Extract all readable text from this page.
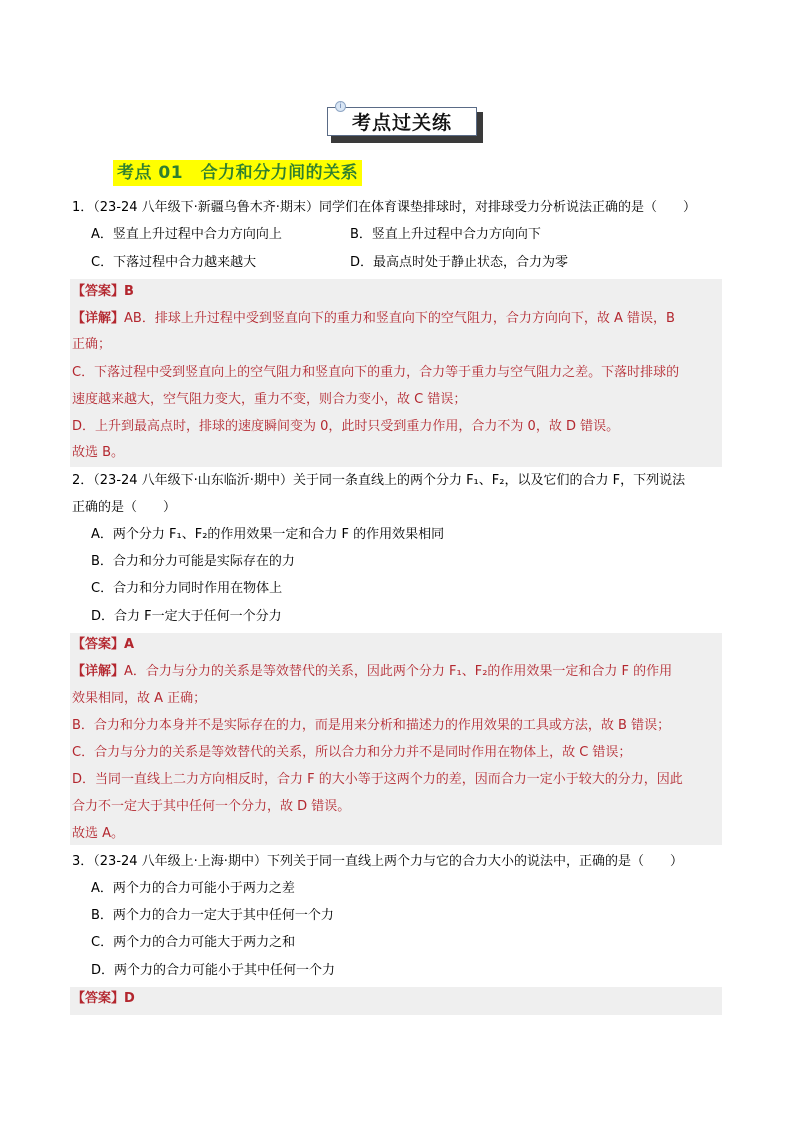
考点过关练
i
考点 01　合力和分力间的关系
1．（23-24 八年级下·新疆乌鲁木齐·期末）同学们在体育课垫排球时，对排球受力分析说法正确的是（　　）
A．竖直上升过程中合力方向向上	B．竖直上升过程中合力方向向下
C．下落过程中合力越来越大	D．最高点时处于静止状态，合力为零
【答案】B
【详解】AB．排球上升过程中受到竖直向下的重力和竖直向下的空气阻力，合力方向向下，故 A 错误，B
正确；
C．下落过程中受到竖直向上的空气阻力和竖直向下的重力，合力等于重力与空气阻力之差。下落时排球的
速度越来越大，空气阻力变大，重力不变，则合力变小，故 C 错误；
D．上升到最高点时，排球的速度瞬间变为 0，此时只受到重力作用，合力不为 0，故 D 错误。
故选 B。
2．（23-24 八年级下·山东临沂·期中）关于同一条直线上的两个分力 F₁、F₂，以及它们的合力 F，下列说法
正确的是（　　）
A．两个分力 F₁、F₂的作用效果一定和合力 F 的作用效果相同
B．合力和分力可能是实际存在的力
C．合力和分力同时作用在物体上
D．合力 F一定大于任何一个分力
【答案】A
【详解】A．合力与分力的关系是等效替代的关系，因此两个分力 F₁、F₂的作用效果一定和合力 F 的作用
效果相同，故 A 正确；
B．合力和分力本身并不是实际存在的力，而是用来分析和描述力的作用效果的工具或方法，故 B 错误；
C．合力与分力的关系是等效替代的关系，所以合力和分力并不是同时作用在物体上，故 C 错误；
D．当同一直线上二力方向相反时，合力 F 的大小等于这两个力的差，因而合力一定小于较大的分力，因此
合力不一定大于其中任何一个分力，故 D 错误。
故选 A。
3．（23-24 八年级上·上海·期中）下列关于同一直线上两个力与它的合力大小的说法中，正确的是（　　）
A．两个力的合力可能小于两力之差
B．两个力的合力一定大于其中任何一个力
C．两个力的合力可能大于两力之和
D．两个力的合力可能小于其中任何一个力
【答案】D
